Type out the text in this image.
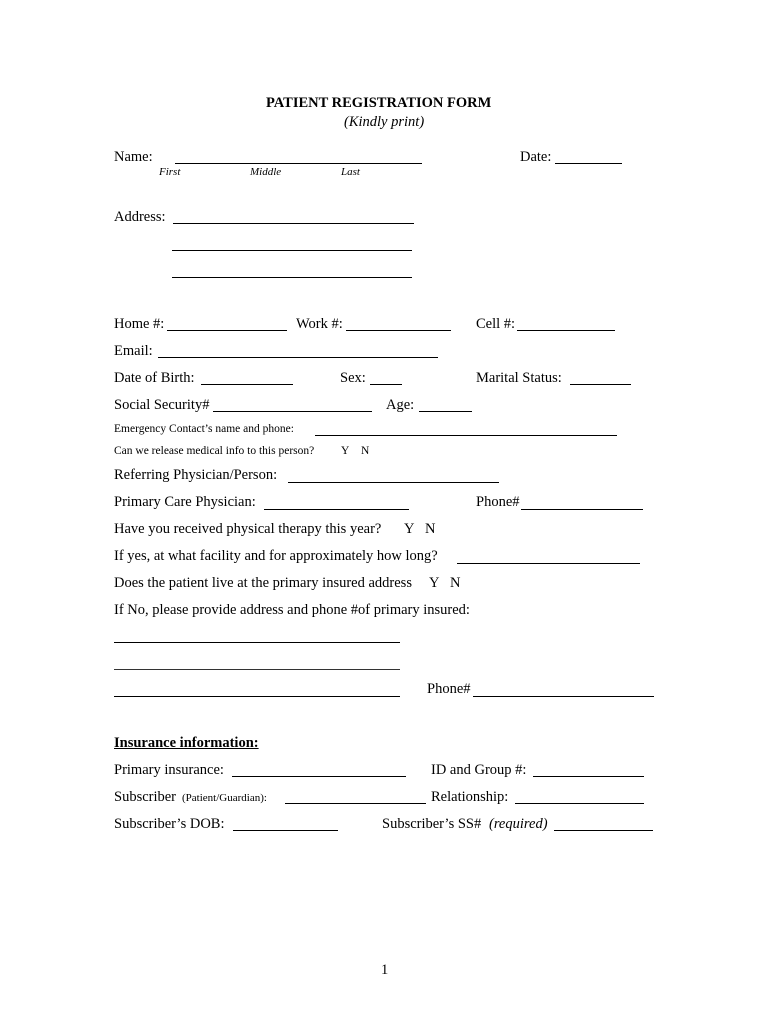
PATIENT REGISTRATION FORM
(Kindly print)
Name:
First	Middle	Last
Date:
Address:
Home #:	Work #:	Cell #:
Email:
Date of Birth:	Sex:	Marital Status:
Social Security#	Age:
Emergency Contact’s name and phone:
Can we release medical info to this person? Y N
Referring Physician/Person:
Primary Care Physician:	Phone#
Have you received physical therapy this year? Y N
If yes, at what facility and for approximately how long?
Does the patient live at the primary insured address Y N
If No, please provide address and phone #of primary insured:
Phone#
Insurance information:
Primary insurance:	ID and Group #:
Subscriber (Patient/Guardian):	Relationship:
Subscriber’s DOB:	Subscriber’s SS# (required)
1
